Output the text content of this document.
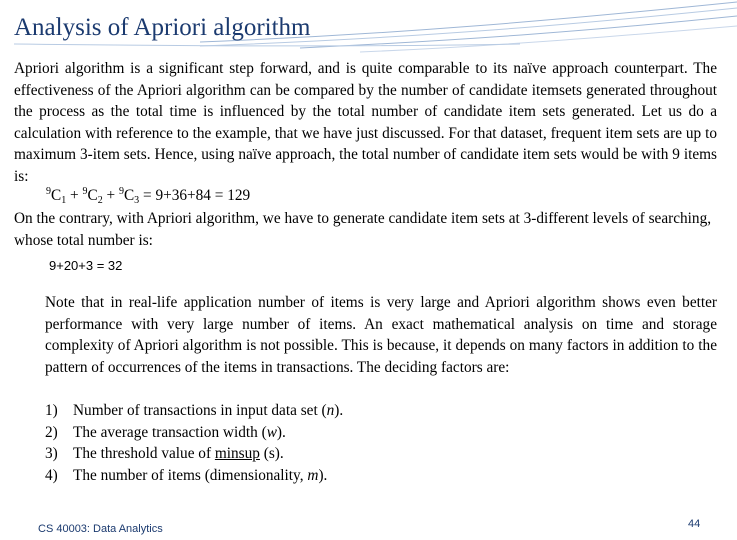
Analysis of Apriori algorithm

Apriori algorithm is a significant step forward, and is quite comparable to its naïve approach counterpart. The effectiveness of the Apriori algorithm can be compared by the number of candidate itemsets generated throughout the process as the total time is influenced by the total number of candidate item sets generated. Let us do a calculation with reference to the example, that we have just discussed. For that dataset, frequent item sets are up to maximum 3-item sets. Hence, using naïve approach, the total number of candidate item sets would be with 9 items is:

$^9C_1 + ^9C_2 + ^9C_3 = 9+36+84 = 129$

On the contrary, with Apriori algorithm, we have to generate candidate item sets at 3-different levels of searching, whose total number is:

9+20+3 = 32

Note that in real-life application number of items is very large and Apriori algorithm shows even better performance with very large number of items. An exact mathematical analysis on time and storage complexity of Apriori algorithm is not possible. This is because, it depends on many factors in addition to the pattern of occurrences of the items in transactions. The deciding factors are:

1) Number of transactions in input data set (n).
2) The average transaction width (w).
3) The threshold value of minsup (s).
4) The number of items (dimensionality, m).
CS 40003: Data Analytics	44
